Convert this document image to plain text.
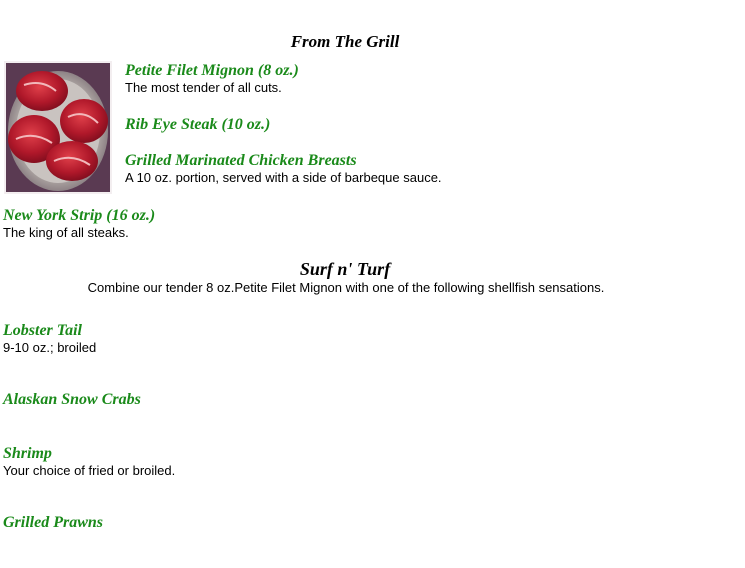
From The Grill
Petite Filet Mignon (8 oz.)
The most tender of all cuts.
Rib Eye Steak (10 oz.)
Grilled Marinated Chicken Breasts
A 10 oz. portion, served with a side of barbeque sauce.
New York Strip (16 oz.)
The king of all steaks.
Surf n' Turf
Combine our tender 8 oz.Petite Filet Mignon with one of the following shellfish sensations.
Lobster Tail
9-10 oz.; broiled
Alaskan Snow Crabs
Shrimp
Your choice of fried or broiled.
Grilled Prawns
